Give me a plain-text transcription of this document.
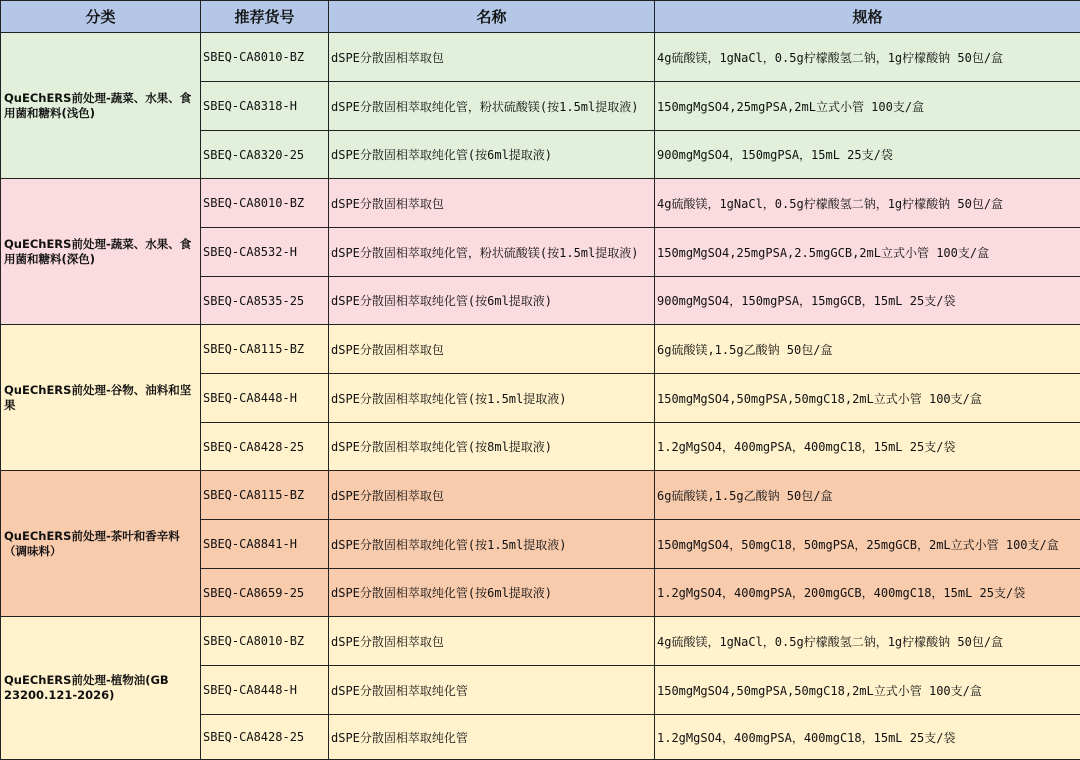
分类	推荐货号	名称	规格
QuEChERS前处理-蔬菜、水果、食用菌和糖料(浅色)	SBEQ-CA8010-BZ	dSPE分散固相萃取包	4g硫酸镁，1gNaCl，0.5g柠檬酸氢二钠，1g柠檬酸钠 50包/盒
	SBEQ-CA8318-H	dSPE分散固相萃取纯化管，粉状硫酸镁(按1.5ml提取液)	150mgMgSO4,25mgPSA,2mL立式小管 100支/盒
	SBEQ-CA8320-25	dSPE分散固相萃取纯化管(按6ml提取液)	900mgMgSO4，150mgPSA，15mL 25支/袋
QuEChERS前处理-蔬菜、水果、食用菌和糖料(深色)	SBEQ-CA8010-BZ	dSPE分散固相萃取包	4g硫酸镁，1gNaCl，0.5g柠檬酸氢二钠，1g柠檬酸钠 50包/盒
	SBEQ-CA8532-H	dSPE分散固相萃取纯化管，粉状硫酸镁(按1.5ml提取液)	150mgMgSO4,25mgPSA,2.5mgGCB,2mL立式小管 100支/盒
	SBEQ-CA8535-25	dSPE分散固相萃取纯化管(按6ml提取液)	900mgMgSO4，150mgPSA，15mgGCB，15mL 25支/袋
QuEChERS前处理-谷物、油料和坚果	SBEQ-CA8115-BZ	dSPE分散固相萃取包	6g硫酸镁,1.5g乙酸钠 50包/盒
	SBEQ-CA8448-H	dSPE分散固相萃取纯化管(按1.5ml提取液)	150mgMgSO4,50mgPSA,50mgC18,2mL立式小管 100支/盒
	SBEQ-CA8428-25	dSPE分散固相萃取纯化管(按8ml提取液)	1.2gMgSO4，400mgPSA，400mgC18，15mL 25支/袋
QuEChERS前处理-茶叶和香辛料（调味料）	SBEQ-CA8115-BZ	dSPE分散固相萃取包	6g硫酸镁,1.5g乙酸钠 50包/盒
	SBEQ-CA8841-H	dSPE分散固相萃取纯化管(按1.5ml提取液)	150mgMgSO4，50mgC18，50mgPSA，25mgGCB，2mL立式小管 100支/盒
	SBEQ-CA8659-25	dSPE分散固相萃取纯化管(按6ml提取液)	1.2gMgSO4，400mgPSA，200mgGCB，400mgC18，15mL 25支/袋
QuEChERS前处理-植物油(GB 23200.121-2026)	SBEQ-CA8010-BZ	dSPE分散固相萃取包	4g硫酸镁，1gNaCl，0.5g柠檬酸氢二钠，1g柠檬酸钠 50包/盒
	SBEQ-CA8448-H	dSPE分散固相萃取纯化管	150mgMgSO4,50mgPSA,50mgC18,2mL立式小管 100支/盒
	SBEQ-CA8428-25	dSPE分散固相萃取纯化管	1.2gMgSO4，400mgPSA，400mgC18，15mL 25支/袋
